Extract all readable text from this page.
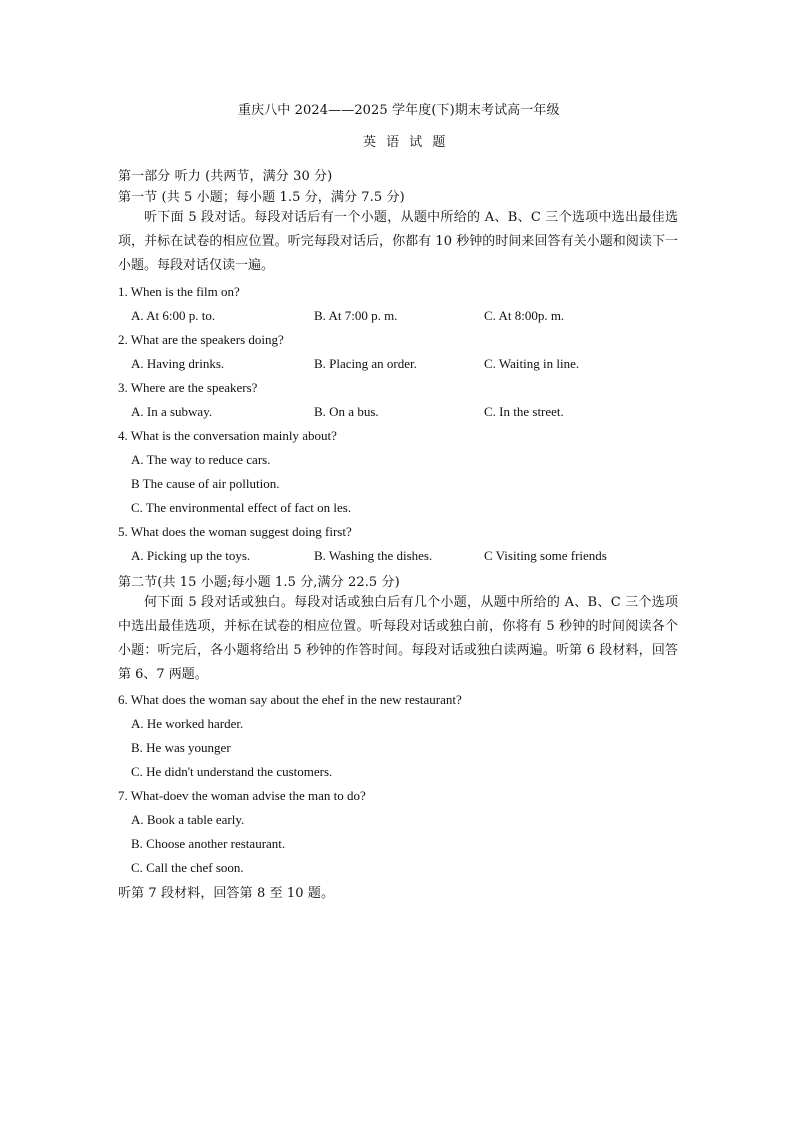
重庆八中 2024——2025 学年度(下)期末考试高一年级
英 语 试 题
第一部分 听力 (共两节，满分 30 分)
第一节 (共 5 小题；每小题 1.5 分，满分 7.5 分)

听下面 5 段对话。每段对话后有一个小题，从题中所给的 A、B、C 三个选项中选出最佳选项，并标在试卷的相应位置。听完每段对话后，你都有 10 秒钟的时间来回答有关小题和阅读下一小题。每段对话仅读一遍。

1. When is the film on?
A. At 6:00 p. to.	B. At 7:00 p. m.	C. At 8:00p. m.
2. What are the speakers doing?
A. Having drinks.	B. Placing an order.	C. Waiting in line.
3. Where are the speakers?
A. In a subway.	B. On a bus.	C. In the street.
4. What is the conversation mainly about?
A. The way to reduce cars.
B The cause of air pollution.
C. The environmental effect of fact on les.
5. What does the woman suggest doing first?
A. Picking up the toys.	B. Washing the dishes.	C Visiting some friends
第二节(共 15 小题;每小题 1.5 分,满分 22.5 分)

何下面 5 段对话或独白。每段对话或独白后有几个小题，从题中所给的 A、B、C 三个选项中选出最佳选项，并标在试卷的相应位置。听每段对话或独白前，你将有 5 秒钟的时间阅读各个小题：听完后，各小题将给出 5 秒钟的作答时间。每段对话或独白读两遍。听第 6 段材料，回答第 6、7 两题。

6. What does the woman say about the ehef in the new restaurant?
A. He worked harder.
B. He was younger
C. He didn't understand the customers.
7. What-doev the woman advise the man to do?
A. Book a table early.
B. Choose another restaurant.
C. Call the chef soon.
听第 7 段材料，回答第 8 至 10 题。
